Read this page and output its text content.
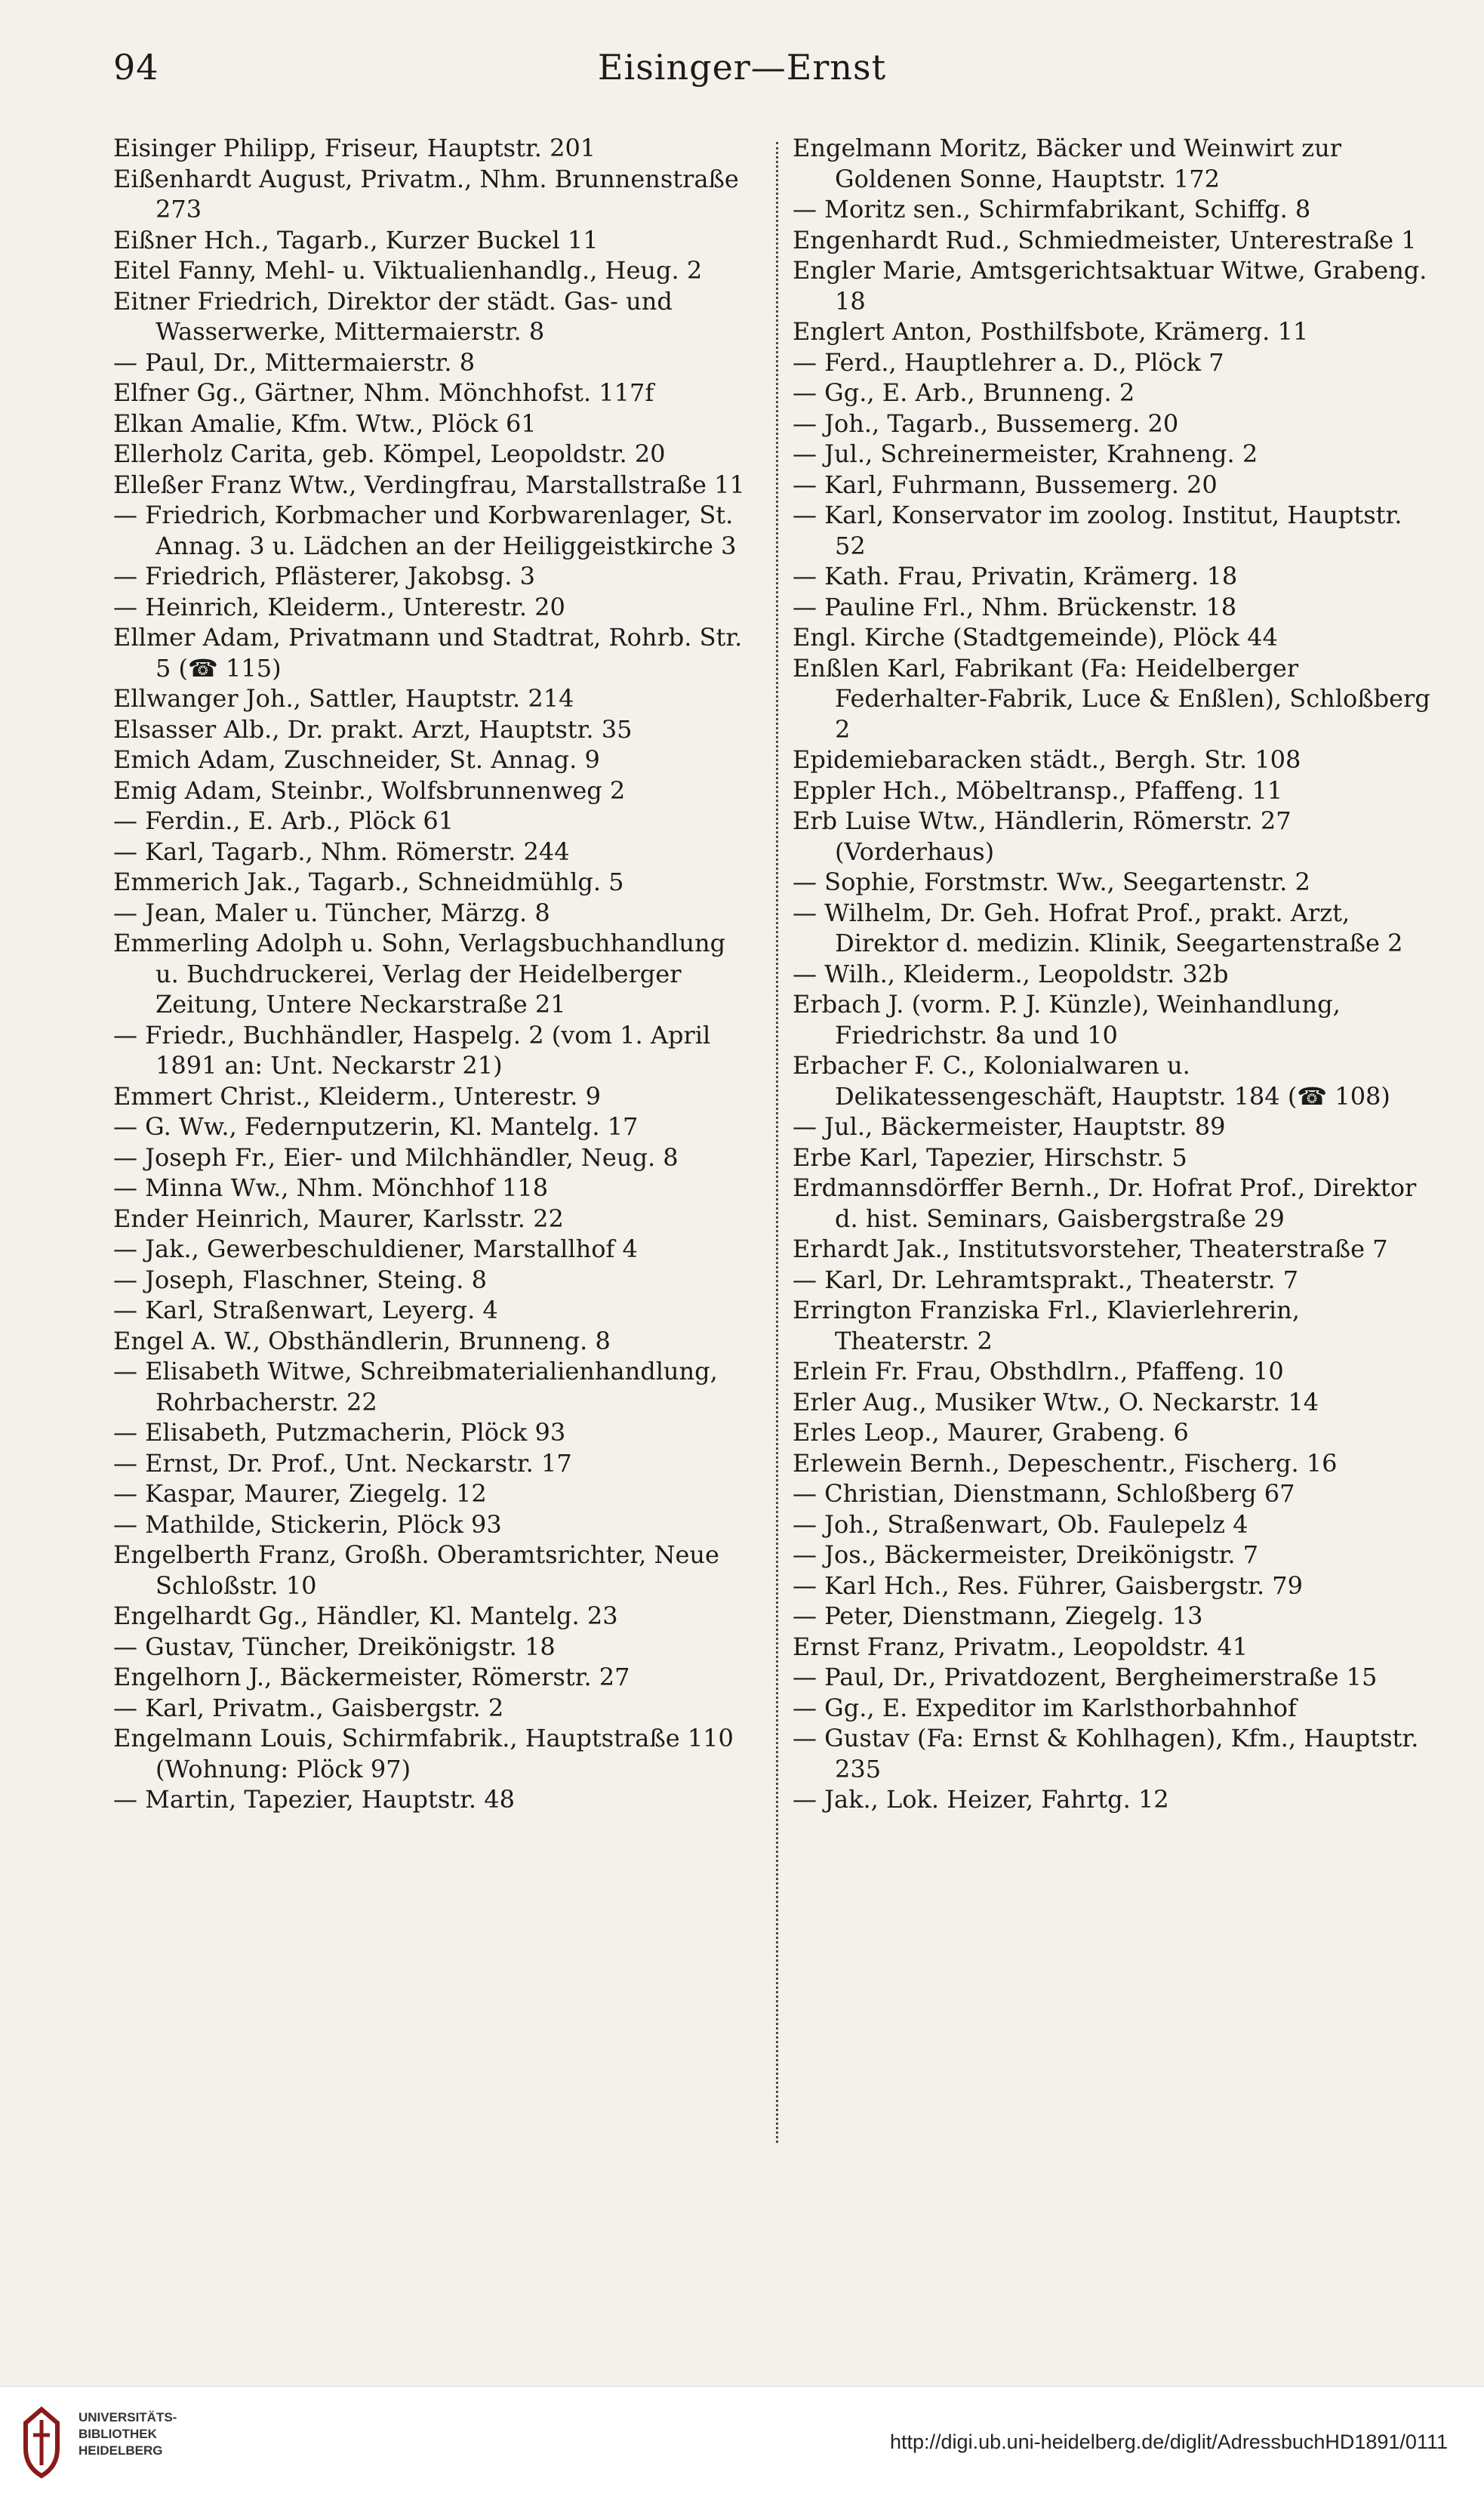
94	Eisinger—Ernst
Eisinger Philipp, Friseur, Hauptstr. 201
Eißenhardt August, Privatm., Nhm. Brunnenstraße 273
Eißner Hch., Tagarb., Kurzer Buckel 11
Eitel Fanny, Mehl- u. Viktualienhandlg., Heug. 2
Eitner Friedrich, Direktor der städt. Gas- und Wasserwerke, Mittermaierstr. 8
— Paul, Dr., Mittermaierstr. 8
Elfner Gg., Gärtner, Nhm. Mönchhofst. 117f
Elkan Amalie, Kfm. Wtw., Plöck 61
Ellerholz Carita, geb. Kömpel, Leopoldstr. 20
Elleßer Franz Wtw., Verdingfrau, Marstallstraße 11
— Friedrich, Korbmacher und Korbwarenlager, St. Annag. 3 u. Lädchen an der Heiliggeistkirche 3
— Friedrich, Pflästerer, Jakobsg. 3
— Heinrich, Kleiderm., Unterestr. 20
Ellmer Adam, Privatmann und Stadtrat, Rohrb. Str. 5 (☎ 115)
Ellwanger Joh., Sattler, Hauptstr. 214
Elsasser Alb., Dr. prakt. Arzt, Hauptstr. 35
Emich Adam, Zuschneider, St. Annag. 9
Emig Adam, Steinbr., Wolfsbrunnenweg 2
— Ferdin., E. Arb., Plöck 61
— Karl, Tagarb., Nhm. Römerstr. 244
Emmerich Jak., Tagarb., Schneidmühlg. 5
— Jean, Maler u. Tüncher, Märzg. 8
Emmerling Adolph u. Sohn, Verlagsbuchhandlung u. Buchdruckerei, Verlag der Heidelberger Zeitung, Untere Neckarstraße 21
— Friedr., Buchhändler, Haspelg. 2 (vom 1. April 1891 an: Unt. Neckarstr 21)
Emmert Christ., Kleiderm., Unterestr. 9
— G. Ww., Federnputzerin, Kl. Mantelg. 17
— Joseph Fr., Eier- und Milchhändler, Neug. 8
— Minna Ww., Nhm. Mönchhof 118
Ender Heinrich, Maurer, Karlsstr. 22
— Jak., Gewerbeschuldiener, Marstallhof 4
— Joseph, Flaschner, Steing. 8
— Karl, Straßenwart, Leyerg. 4
Engel A. W., Obsthändlerin, Brunneng. 8
— Elisabeth Witwe, Schreibmaterialienhandlung, Rohrbacherstr. 22
— Elisabeth, Putzmacherin, Plöck 93
— Ernst, Dr. Prof., Unt. Neckarstr. 17
— Kaspar, Maurer, Ziegelg. 12
— Mathilde, Stickerin, Plöck 93
Engelberth Franz, Großh. Oberamtsrichter, Neue Schloßstr. 10
Engelhardt Gg., Händler, Kl. Mantelg. 23
— Gustav, Tüncher, Dreikönigstr. 18
Engelhorn J., Bäckermeister, Römerstr. 27
— Karl, Privatm., Gaisbergstr. 2
Engelmann Louis, Schirmfabrik., Hauptstraße 110 (Wohnung: Plöck 97)
— Martin, Tapezier, Hauptstr. 48
Engelmann Moritz, Bäcker und Weinwirt zur Goldenen Sonne, Hauptstr. 172
— Moritz sen., Schirmfabrikant, Schiffg. 8
Engenhardt Rud., Schmiedmeister, Unterestraße 1
Engler Marie, Amtsgerichtsaktuar Witwe, Grabeng. 18
Englert Anton, Posthilfsbote, Krämerg. 11
— Ferd., Hauptlehrer a. D., Plöck 7
— Gg., E. Arb., Brunneng. 2
— Joh., Tagarb., Bussemerg. 20
— Jul., Schreinermeister, Krahneng. 2
— Karl, Fuhrmann, Bussemerg. 20
— Karl, Konservator im zoolog. Institut, Hauptstr. 52
— Kath. Frau, Privatin, Krämerg. 18
— Pauline Frl., Nhm. Brückenstr. 18
Engl. Kirche (Stadtgemeinde), Plöck 44
Enßlen Karl, Fabrikant (Fa: Heidelberger Federhalter-Fabrik, Luce & Enßlen), Schloßberg 2
Epidemiebaracken städt., Bergh. Str. 108
Eppler Hch., Möbeltransp., Pfaffeng. 11
Erb Luise Wtw., Händlerin, Römerstr. 27 (Vorderhaus)
— Sophie, Forstmstr. Ww., Seegartenstr. 2
— Wilhelm, Dr. Geh. Hofrat Prof., prakt. Arzt, Direktor d. medizin. Klinik, Seegartenstraße 2
— Wilh., Kleiderm., Leopoldstr. 32b
Erbach J. (vorm. P. J. Künzle), Weinhandlung, Friedrichstr. 8a und 10
Erbacher F. C., Kolonialwaren u. Delikatessengeschäft, Hauptstr. 184 (☎ 108)
— Jul., Bäckermeister, Hauptstr. 89
Erbe Karl, Tapezier, Hirschstr. 5
Erdmannsdörffer Bernh., Dr. Hofrat Prof., Direktor d. hist. Seminars, Gaisbergstraße 29
Erhardt Jak., Institutsvorsteher, Theaterstraße 7
— Karl, Dr. Lehramtsprakt., Theaterstr. 7
Errington Franziska Frl., Klavierlehrerin, Theaterstr. 2
Erlein Fr. Frau, Obsthdlrn., Pfaffeng. 10
Erler Aug., Musiker Wtw., O. Neckarstr. 14
Erles Leop., Maurer, Grabeng. 6
Erlewein Bernh., Depeschentr., Fischerg. 16
— Christian, Dienstmann, Schloßberg 67
— Joh., Straßenwart, Ob. Faulepelz 4
— Jos., Bäckermeister, Dreikönigstr. 7
— Karl Hch., Res. Führer, Gaisbergstr. 79
— Peter, Dienstmann, Ziegelg. 13
Ernst Franz, Privatm., Leopoldstr. 41
— Paul, Dr., Privatdozent, Bergheimerstraße 15
— Gg., E. Expeditor im Karlsthorbahnhof
— Gustav (Fa: Ernst & Kohlhagen), Kfm., Hauptstr. 235
— Jak., Lok. Heizer, Fahrtg. 12
UNIVERSITÄTS-
BIBLIOTHEK
HEIDELBERG	http://digi.ub.uni-heidelberg.de/diglit/AdressbuchHD1891/0111
